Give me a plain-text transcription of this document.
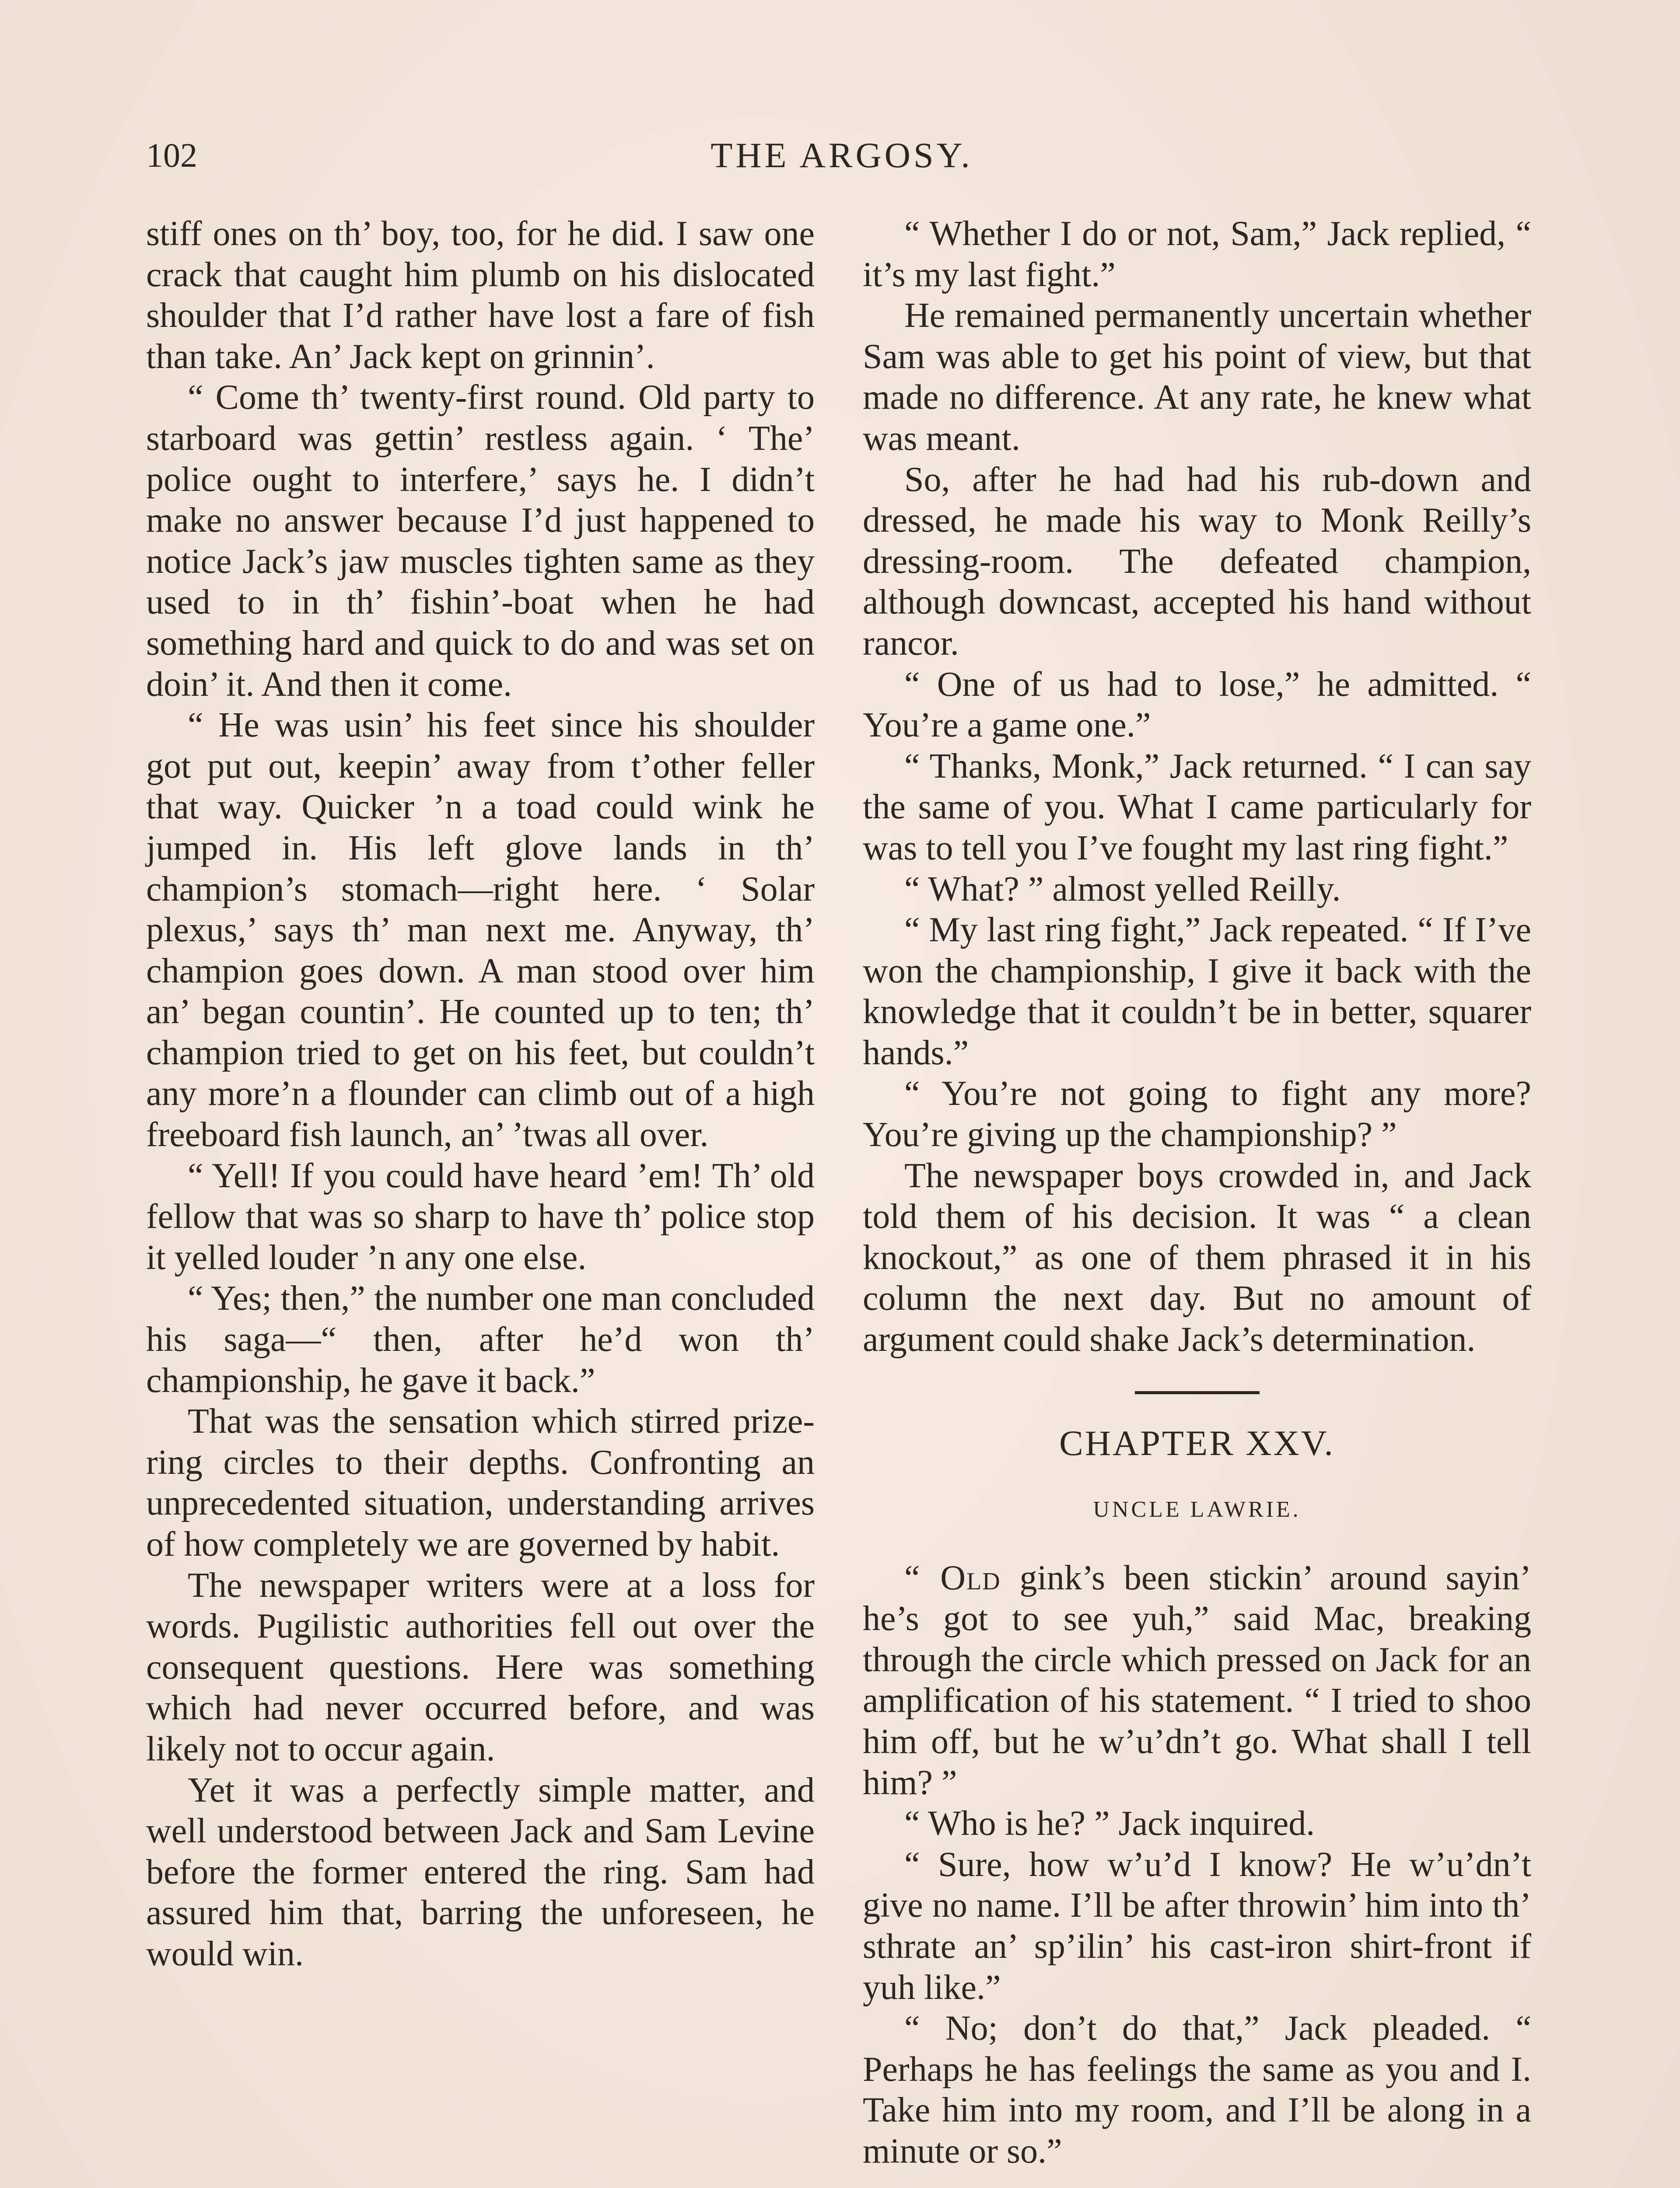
102	THE ARGOSY.

stiff ones on th’ boy, too, for he did. I saw one crack that caught him plumb on his dislocated shoulder that I’d rather have lost a fare of fish than take. An’ Jack kept on grinnin’.

“ Come th’ twenty-first round. Old party to starboard was gettin’ restless again. ‘ The’ police ought to interfere,’ says he. I didn’t make no answer because I’d just happened to notice Jack’s jaw muscles tighten same as they used to in th’ fishin’-boat when he had something hard and quick to do and was set on doin’ it. And then it come.

“ He was usin’ his feet since his shoulder got put out, keepin’ away from t’other feller that way. Quicker ’n a toad could wink he jumped in. His left glove lands in th’ champion’s stomach—right here. ‘ Solar plexus,’ says th’ man next me. Anyway, th’ champion goes down. A man stood over him an’ began countin’. He counted up to ten; th’ champion tried to get on his feet, but couldn’t any more’n a flounder can climb out of a high freeboard fish launch, an’ ’twas all over.

“ Yell! If you could have heard ’em! Th’ old fellow that was so sharp to have th’ police stop it yelled louder ’n any one else.

“ Yes; then,” the number one man concluded his saga—“ then, after he’d won th’ championship, he gave it back.”

That was the sensation which stirred prize-ring circles to their depths. Confronting an unprecedented situation, understanding arrives of how completely we are governed by habit.

The newspaper writers were at a loss for words. Pugilistic authorities fell out over the consequent questions. Here was something which had never occurred before, and was likely not to occur again.

Yet it was a perfectly simple matter, and well understood between Jack and Sam Levine before the former entered the ring. Sam had assured him that, barring the unforeseen, he would win.

“ Whether I do or not, Sam,” Jack replied, “ it’s my last fight.”

He remained permanently uncertain whether Sam was able to get his point of view, but that made no difference. At any rate, he knew what was meant.

So, after he had had his rub-down and dressed, he made his way to Monk Reilly’s dressing-room. The defeated champion, although downcast, accepted his hand without rancor.

“ One of us had to lose,” he admitted. “ You’re a game one.”

“ Thanks, Monk,” Jack returned. “ I can say the same of you. What I came particularly for was to tell you I’ve fought my last ring fight.”

“ What? ” almost yelled Reilly.

“ My last ring fight,” Jack repeated. “ If I’ve won the championship, I give it back with the knowledge that it couldn’t be in better, squarer hands.”

“ You’re not going to fight any more? You’re giving up the championship? ”

The newspaper boys crowded in, and Jack told them of his decision. It was “ a clean knockout,” as one of them phrased it in his column the next day. But no amount of argument could shake Jack’s determination.

CHAPTER XXV.
UNCLE LAWRIE.

“ Old gink’s been stickin’ around sayin’ he’s got to see yuh,” said Mac, breaking through the circle which pressed on Jack for an amplification of his statement. “ I tried to shoo him off, but he w’u’dn’t go. What shall I tell him? ”

“ Who is he? ” Jack inquired.

“ Sure, how w’u’d I know? He w’u’dn’t give no name. I’ll be after throwin’ him into th’ sthrate an’ sp’ilin’ his cast-iron shirt-front if yuh like.”

“ No; don’t do that,” Jack pleaded. “ Perhaps he has feelings the same as you and I. Take him into my room, and I’ll be along in a minute or so.”
